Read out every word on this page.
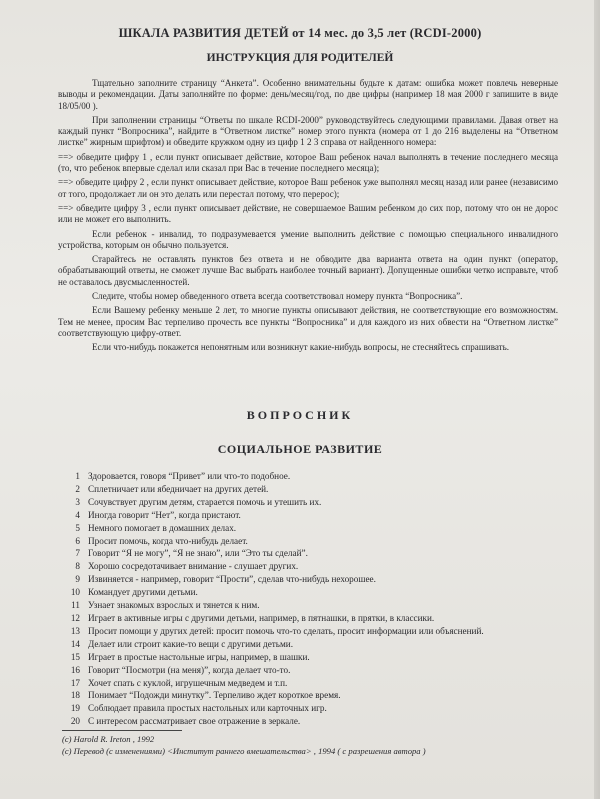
ШКАЛА РАЗВИТИЯ ДЕТЕЙ от 14 мес. до 3,5 лет (RCDI-2000)
ИНСТРУКЦИЯ ДЛЯ РОДИТЕЛЕЙ

Тщательно заполните страницу “Анкета”. Особенно внимательны будьте к датам: ошибка может повлечь неверные выводы и рекомендации. Даты заполняйте по форме: день/месяц/год, по две цифры (например 18 мая 2000 г запишите в виде 18/05/00 ).

При заполнении страницы “Ответы по шкале RCDI-2000” руководствуйтесь следующими правилами. Давая ответ на каждый пункт “Вопросника”, найдите в “Ответном листке” номер этого пункта (номера от 1 до 216 выделены на “Ответном листке” жирным шрифтом) и обведите кружком одну из цифр 1 2 3 справа от найденного номера:

==> обведите цифру 1 , если пункт описывает действие, которое Ваш ребенок начал выполнять в течение последнего месяца (то, что ребенок впервые сделал или сказал при Вас в течение последнего месяца);

==> обведите цифру 2 , если пункт описывает действие, которое Ваш ребенок уже выполнял месяц назад или ранее (независимо от того, продолжает ли он это делать или перестал потому, что перерос);

==> обведите цифру 3 , если пункт описывает действие, не совершаемое Вашим ребенком до сих пор, потому что он не дорос или не может его выполнить.

Если ребенок - инвалид, то подразумевается умение выполнить действие с помощью специального инвалидного устройства, которым он обычно пользуется.

Старайтесь не оставлять пунктов без ответа и не обводите два варианта ответа на один пункт (оператор, обрабатывающий ответы, не сможет лучше Вас выбрать наиболее точный вариант). Допущенные ошибки четко исправьте, чтоб не оставалось двусмысленностей.

Следите, чтобы номер обведенного ответа всегда соответствовал номеру пункта “Вопросника”.

Если Вашему ребенку меньше 2 лет, то многие пункты описывают действия, не соответствующие его возможностям. Тем не менее, просим Вас терпеливо прочесть все пункты “Вопросника” и для каждого из них обвести на “Ответном листке” соответствующую цифру-ответ.

Если что-нибудь покажется непонятным или возникнут какие-нибудь вопросы, не стесняйтесь спрашивать.

ВОПРОСНИК
СОЦИАЛЬНОЕ РАЗВИТИЕ
1 Здоровается, говоря “Привет” или что-то подобное.
2 Сплетничает или ябедничает на других детей.
3 Сочувствует другим детям, старается помочь и утешить их.
4 Иногда говорит “Нет”, когда пристают.
5 Немного помогает в домашних делах.
6 Просит помочь, когда что-нибудь делает.
7 Говорит “Я не могу”, “Я не знаю”, или “Это ты сделай”.
8 Хорошо сосредотачивает внимание - слушает других.
9 Извиняется - например, говорит “Прости”, сделав что-нибудь нехорошее.
10 Командует другими детьми.
11 Узнает знакомых взрослых и тянется к ним.
12 Играет в активные игры с другими детьми, например, в пятнашки, в прятки, в классики.
13 Просит помощи у других детей: просит помочь что-то сделать, просит информации или объяснений.
14 Делает или строит какие-то вещи с другими детьми.
15 Играет в простые настольные игры, например, в шашки.
16 Говорит “Посмотри (на меня)”, когда делает что-то.
17 Хочет спать с куклой, игрушечным медведем и т.п.
18 Понимает “Подожди минутку”. Терпеливо ждет короткое время.
19 Соблюдает правила простых настольных или карточных игр.
20 С интересом рассматривает свое отражение в зеркале.
(c) Harold R. Ireton , 1992
(c) Перевод (с изменениями) <Институт раннего вмешательства> , 1994 ( с разрешения автора )
